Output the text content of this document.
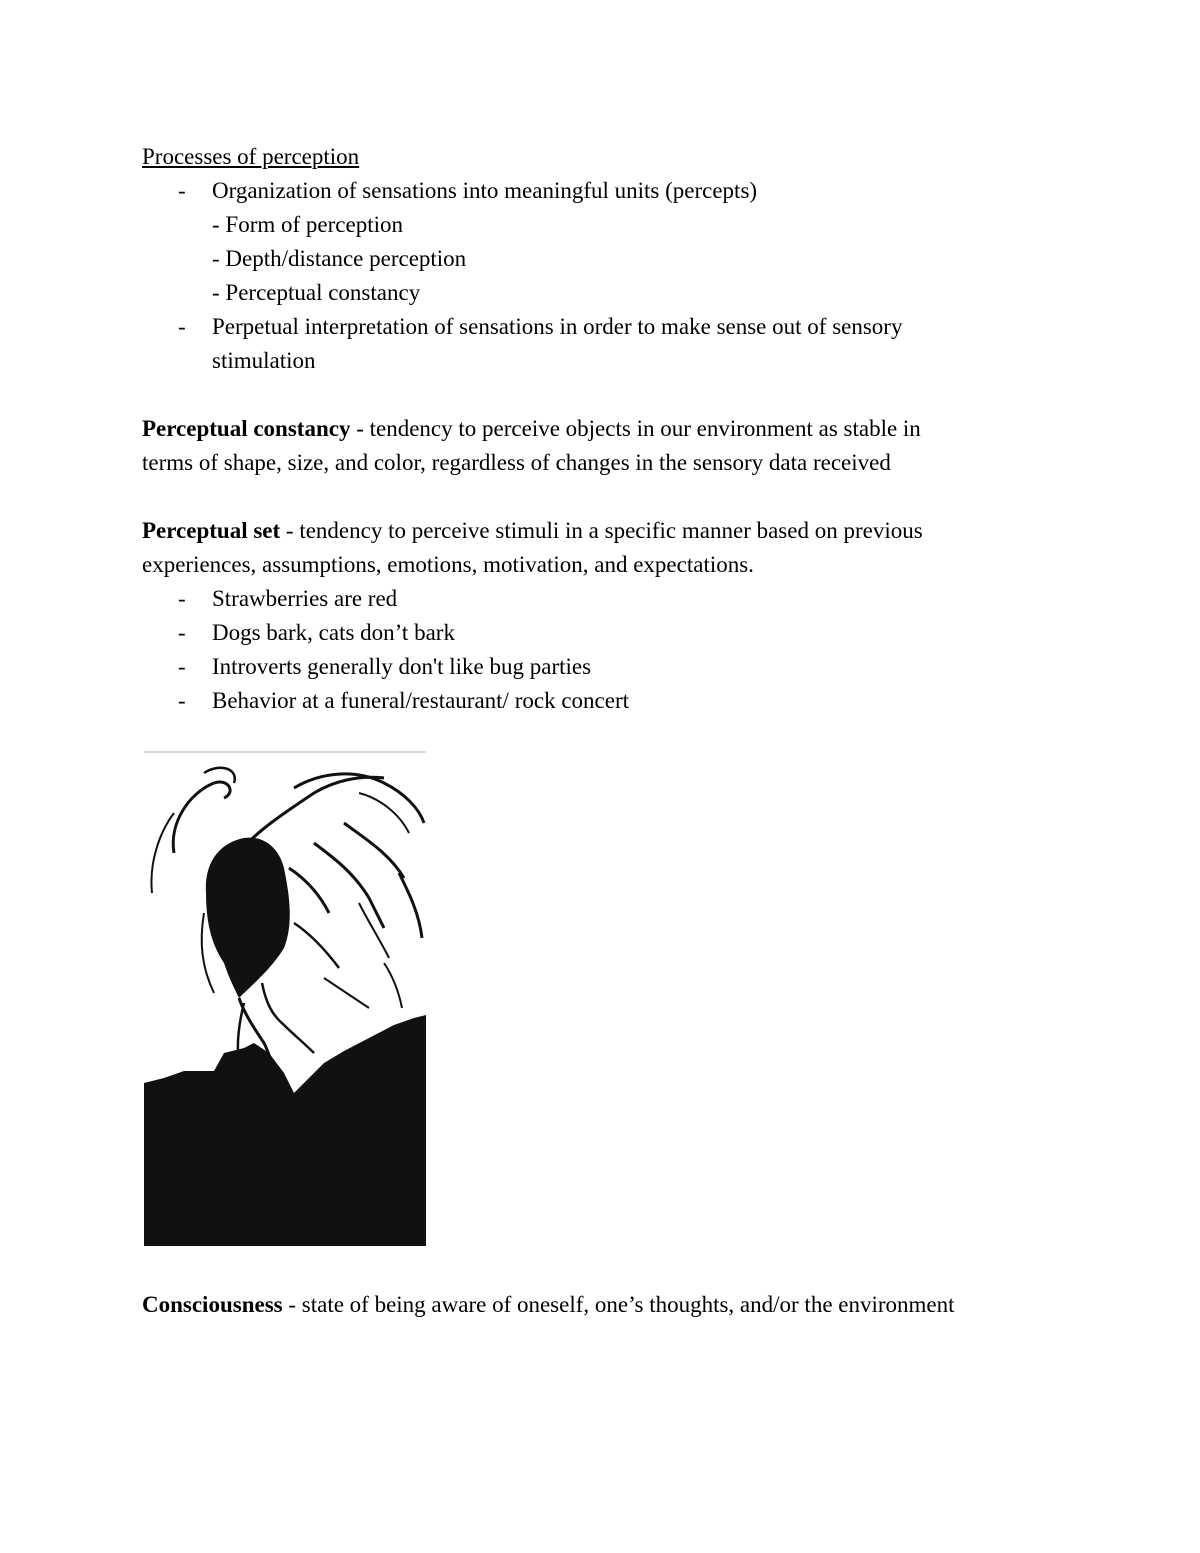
Processes of perception
- Organization of sensations into meaningful units (percepts)
- Form of perception
- Depth/distance perception
- Perceptual constancy
- Perpetual interpretation of sensations in order to make sense out of sensory
stimulation
Perceptual constancy - tendency to perceive objects in our environment as stable in
terms of shape, size, and color, regardless of changes in the sensory data received
Perceptual set - tendency to perceive stimuli in a specific manner based on previous
experiences, assumptions, emotions, motivation, and expectations.
- Strawberries are red
- Dogs bark, cats don’t bark
- Introverts generally don't like bug parties
- Behavior at a funeral/restaurant/ rock concert
Consciousness - state of being aware of oneself, one’s thoughts, and/or the environment
